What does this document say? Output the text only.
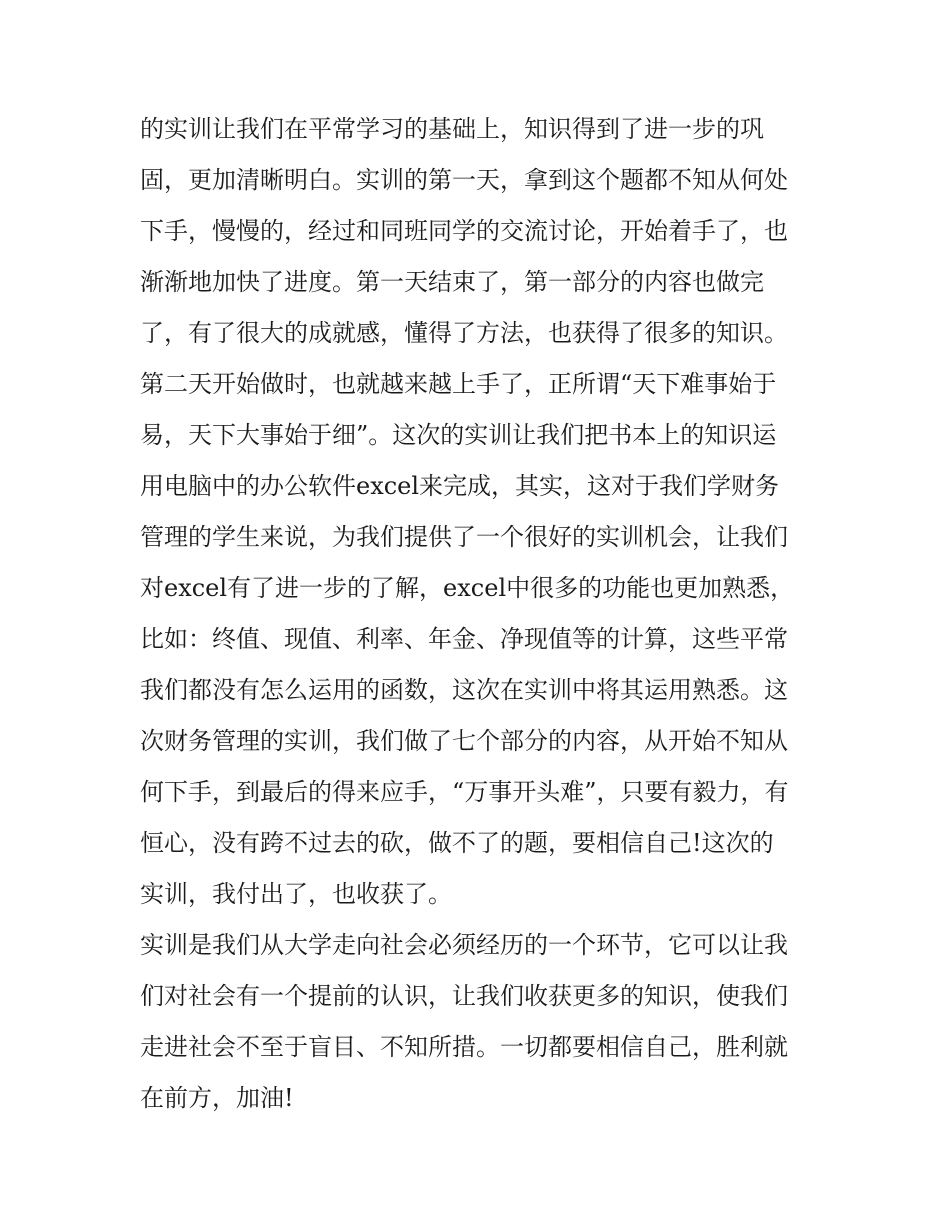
的实训让我们在平常学习的基础上，知识得到了进一步的巩
固，更加清晰明白。实训的第一天，拿到这个题都不知从何处
下手，慢慢的，经过和同班同学的交流讨论，开始着手了，也
渐渐地加快了进度。第一天结束了，第一部分的内容也做完
了，有了很大的成就感，懂得了方法，也获得了很多的知识。
第二天开始做时，也就越来越上手了，正所谓“天下难事始于
易，天下大事始于细”。这次的实训让我们把书本上的知识运
用电脑中的办公软件excel来完成，其实，这对于我们学财务
管理的学生来说，为我们提供了一个很好的实训机会，让我们
对excel有了进一步的了解，excel中很多的功能也更加熟悉，
比如：终值、现值、利率、年金、净现值等的计算，这些平常
我们都没有怎么运用的函数，这次在实训中将其运用熟悉。这
次财务管理的实训，我们做了七个部分的内容，从开始不知从
何下手，到最后的得来应手，“万事开头难”，只要有毅力，有
恒心，没有跨不过去的砍，做不了的题，要相信自己!这次的
实训，我付出了，也收获了。
实训是我们从大学走向社会必须经历的一个环节，它可以让我
们对社会有一个提前的认识，让我们收获更多的知识，使我们
走进社会不至于盲目、不知所措。一切都要相信自己，胜利就
在前方，加油!
